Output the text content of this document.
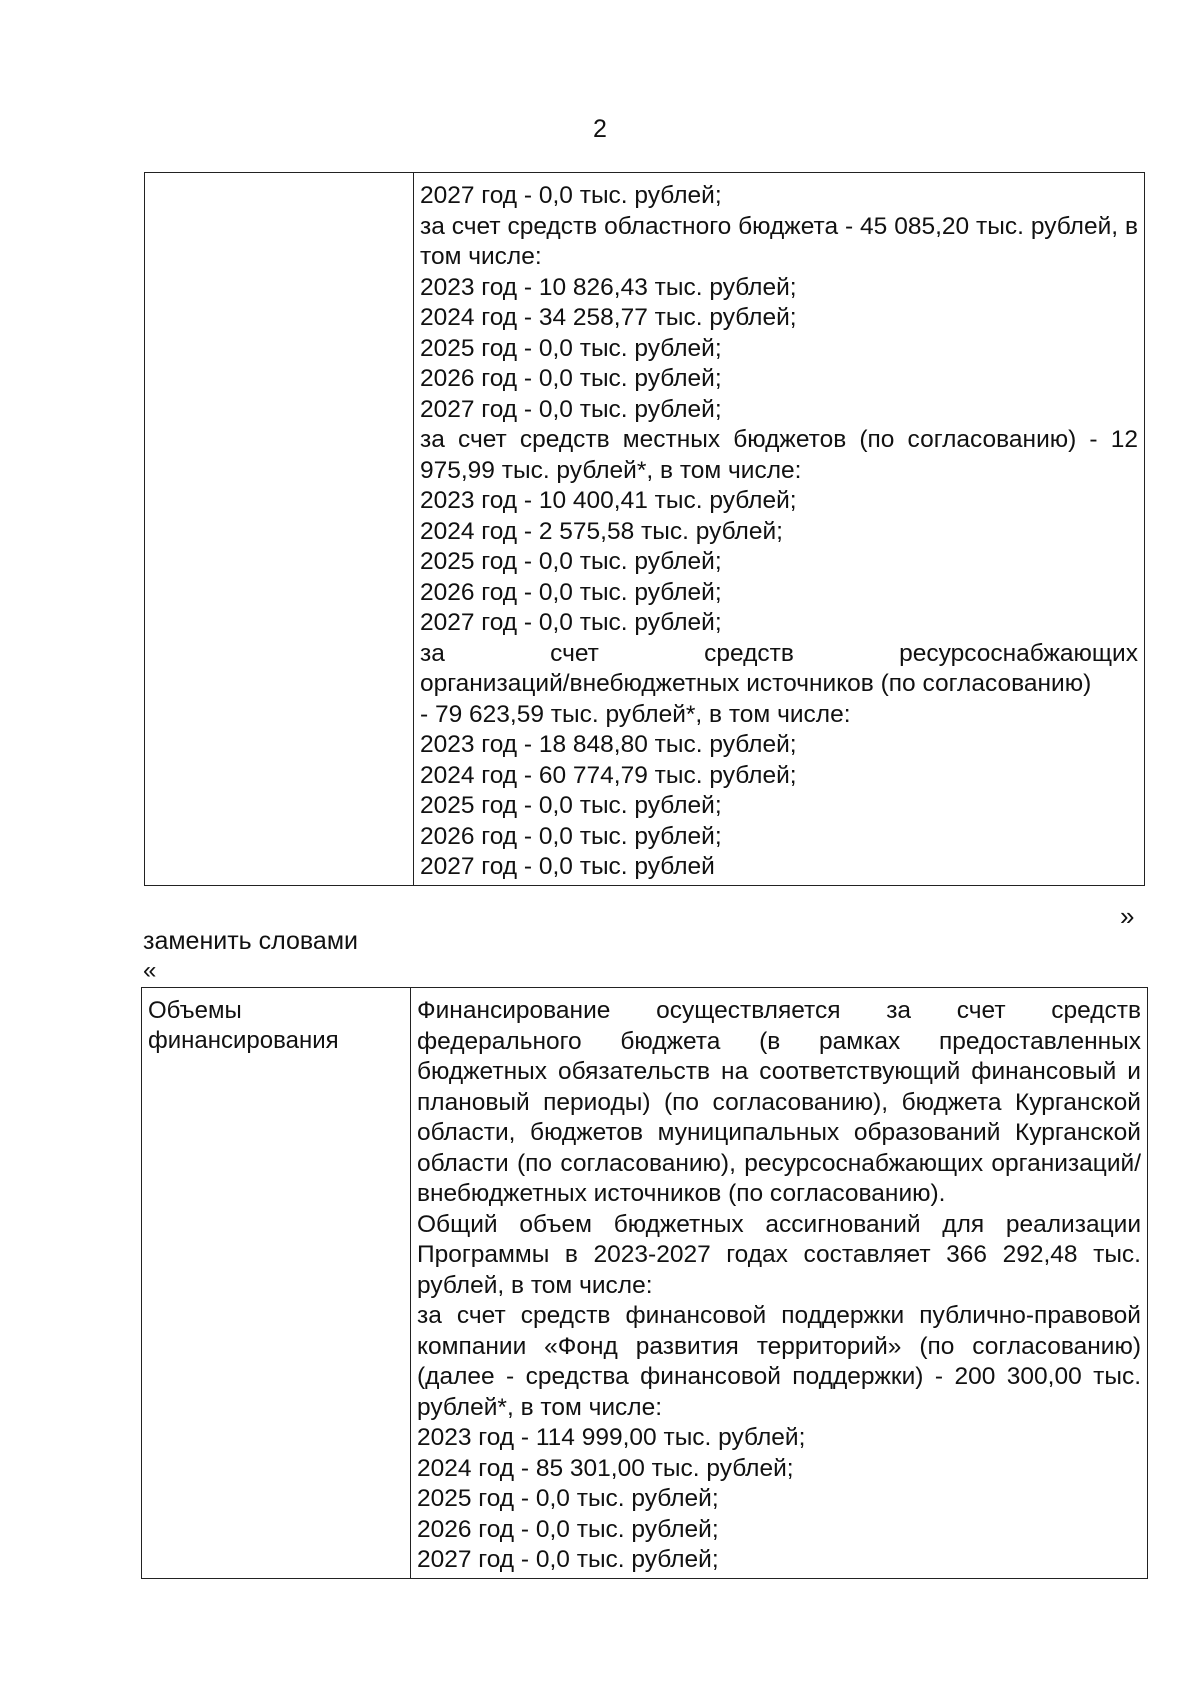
2

2027 год - 0,0 тыс. рублей;
за счет средств областного бюджета - 45 085,20 тыс. рублей, в том числе:
2023 год - 10 826,43 тыс. рублей;
2024 год - 34 258,77 тыс. рублей;
2025 год - 0,0 тыс. рублей;
2026 год - 0,0 тыс. рублей;
2027 год - 0,0 тыс. рублей;
за счет средств местных бюджетов (по согласованию) - 12 975,99 тыс. рублей*, в том числе:
2023 год - 10 400,41 тыс. рублей;
2024 год - 2 575,58 тыс. рублей;
2025 год - 0,0 тыс. рублей;
2026 год - 0,0 тыс. рублей;
2027 год - 0,0 тыс. рублей;
за	счет	средств	ресурсоснабжающих
организаций/внебюджетных источников (по согласованию)
- 79 623,59 тыс. рублей*, в том числе:
2023 год - 18 848,80 тыс. рублей;
2024 год - 60 774,79 тыс. рублей;
2025 год - 0,0 тыс. рублей;
2026 год - 0,0 тыс. рублей;
2027 год - 0,0 тыс. рублей
»
заменить словами
«
Объемы
финансирования

Финансирование осуществляется за счет средств федерального бюджета (в рамках предоставленных бюджетных обязательств на соответствующий финансовый и плановый периоды) (по согласованию), бюджета Курганской области, бюджетов муниципальных образований Курганской области (по согласованию), ресурсоснабжающих организаций/внебюджетных источников (по согласованию).
Общий объем бюджетных ассигнований для реализации Программы в 2023-2027 годах составляет 366 292,48 тыс. рублей, в том числе:
за счет средств финансовой поддержки публично-правовой компании «Фонд развития территорий» (по согласованию) (далее - средства финансовой поддержки) - 200 300,00 тыс. рублей*, в том числе:
2023 год - 114 999,00 тыс. рублей;
2024 год - 85 301,00 тыс. рублей;
2025 год - 0,0 тыс. рублей;
2026 год - 0,0 тыс. рублей;
2027 год - 0,0 тыс. рублей;
